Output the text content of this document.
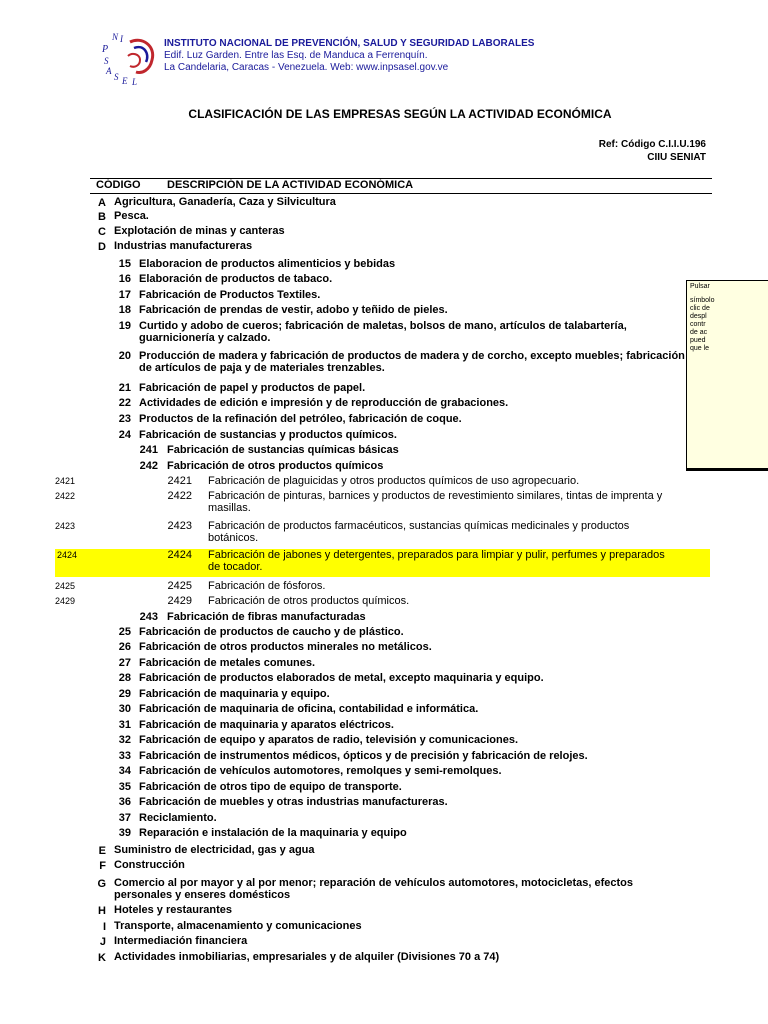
N I
P
S
A
S E L
INSTITUTO NACIONAL DE PREVENCIÓN, SALUD Y SEGURIDAD LABORALES
Edif. Luz Garden. Entre las Esq. de Manduca a Ferrenquín.
La Candelaria, Caracas - Venezuela. Web: www.inpsasel.gov.ve
CLASIFICACIÓN DE LAS EMPRESAS SEGÚN LA ACTIVIDAD ECONÓMICA
Ref: Código C.I.I.U.196
CIIU SENIAT
CÓDIGO DESCRIPCIÓN DE LA ACTIVIDAD ECONÓMICA
A Agricultura, Ganadería, Caza y Silvicultura
B Pesca.
C Explotación de minas y canteras
D Industrias manufactureras
15 Elaboracion de productos alimenticios y bebidas
16 Elaboración de productos de tabaco.
17 Fabricación de Productos Textiles.
18 Fabricación de prendas de vestir, adobo y teñido de pieles.
19 Curtido y adobo de cueros; fabricación de maletas, bolsos de mano, artículos de talabartería, guarnicionería y calzado.
20 Producción de madera y fabricación de productos de madera y de corcho, excepto muebles; fabricación de artículos de paja y de materiales trenzables.
21 Fabricación de papel y productos de papel.
22 Actividades de edición e impresión y de reproducción de grabaciones.
23 Productos de la refinación del petróleo, fabricación de coque.
24 Fabricación de sustancias y productos químicos.
241 Fabricación de sustancias químicas básicas
242 Fabricación de otros productos químicos
2421	2421 Fabricación de plaguicidas y otros productos químicos de uso agropecuario.
2422	2422 Fabricación de pinturas, barnices y productos de revestimiento similares, tintas de imprenta y masillas.
2423	2423 Fabricación de productos farmacéuticos, sustancias químicas medicinales y productos botánicos.
2424	2424 Fabricación de jabones y detergentes, preparados para limpiar y pulir, perfumes y preparados de tocador.
2425	2425 Fabricación de fósforos.
2429	2429 Fabricación de otros productos químicos.
243 Fabricación de fibras manufacturadas
25 Fabricación de productos de caucho y de plástico.
26 Fabricación de otros productos minerales no metálicos.
27 Fabricación de metales comunes.
28 Fabricación de productos elaborados de metal, excepto maquinaria y equipo.
29 Fabricación de maquinaria y equipo.
30 Fabricación de maquinaria de oficina, contabilidad e informática.
31 Fabricación de maquinaria y aparatos eléctricos.
32 Fabricación de equipo y aparatos de radio, televisión y comunicaciones.
33 Fabricación de instrumentos médicos, ópticos y de precisión y fabricación de relojes.
34 Fabricación de vehículos automotores, remolques y semi-remolques.
35 Fabricación de otros tipo de equipo de transporte.
36 Fabricación de muebles y otras industrias manufactureras.
37 Reciclamiento.
39 Reparación e instalación de la maquinaria y equipo
E Suministro de electricidad, gas y agua
F Construcción
G Comercio al por mayor y al por menor; reparación de vehículos automotores, motocicletas, efectos personales y enseres domésticos
H Hoteles y restaurantes
I Transporte, almacenamiento y comunicaciones
J Intermediación financiera
K Actividades inmobiliarias, empresariales y de alquiler (Divisiones 70 a 74)
Pulsar
símbolo
clic de
despl
contr
de ac
pued
que le
